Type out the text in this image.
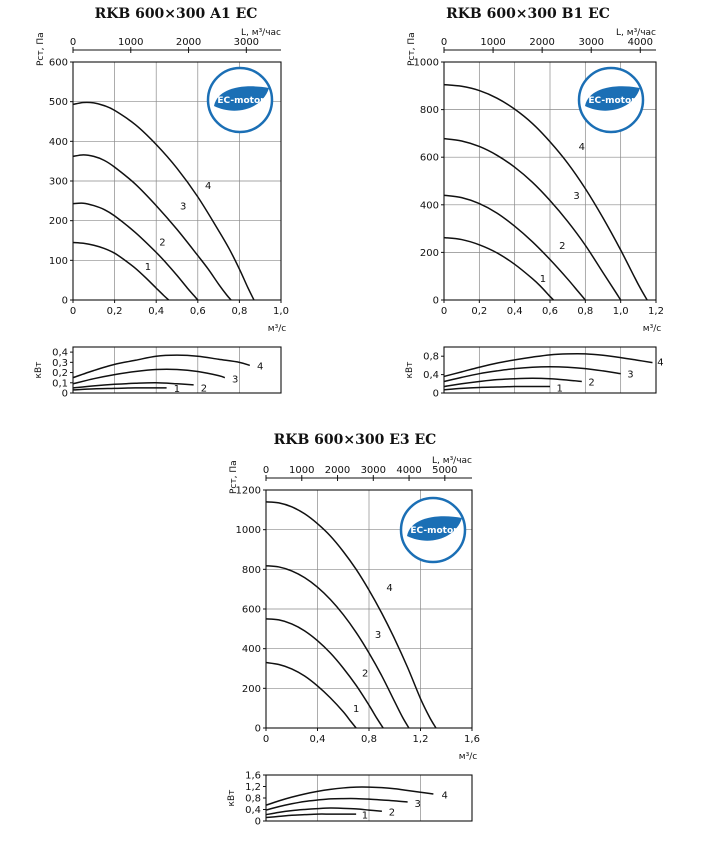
RKB 600×300 A1 EC
0	0,2	0,4	0,6	0,8	1,0
м³/с
0
100
200
300
400
500
600
Pст, Па 0	1000	2000	3000
L, м³/час
1
2
3
4
EC-motor
0
0,1
0,2
0,3
0,4
кВт
1 2
3
4
RKB 600×300 B1 EC
0 0,2 0,4 0,6 0,8 1,0 1,2
м³/с
0
200
400
600
800
1000
Pст, Па 0	1000 2000 3000 4000
L, м³/час
1
2
3
4
EC-motor
0
0,4
0,8
кВт
1
2
3
4
RKB 600×300 E3 EC
0	0,4	0,8	1,2	1,6
м³/с
0
200
400
600
800
1000
1200
Pст, Па 0 1000 2000 3000 4000 5000
L, м³/час
1
2
3
4
EC-motor
0
0,4
0,8
1,2
1,6
кВт
1 2
3
4
